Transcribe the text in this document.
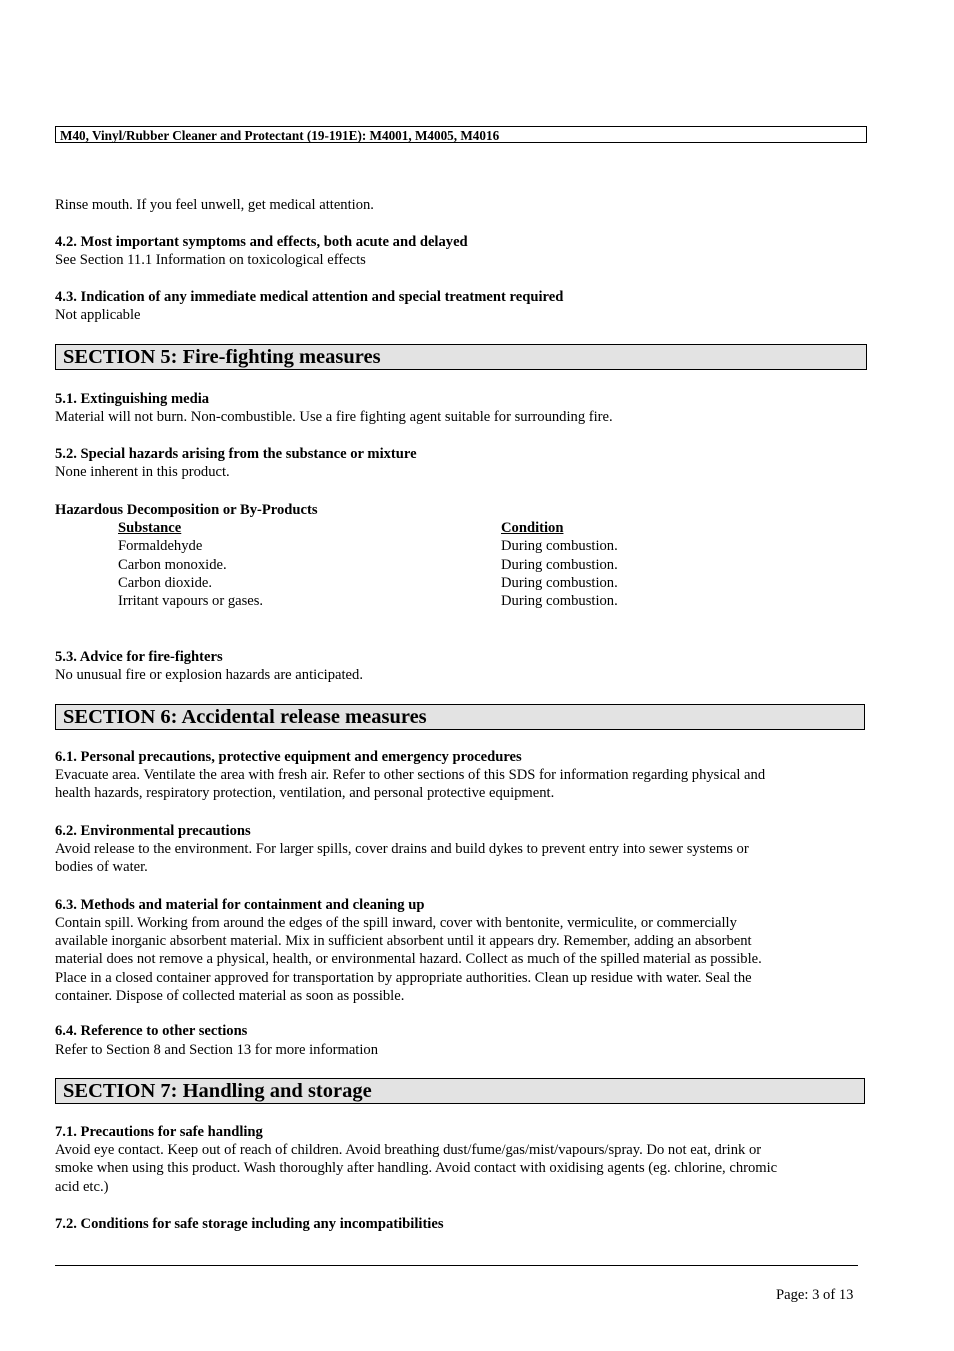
M40, Vinyl/Rubber Cleaner and Protectant (19-191E): M4001, M4005, M4016
Rinse mouth. If you feel unwell, get medical attention.
4.2. Most important symptoms and effects, both acute and delayed
See Section 11.1 Information on toxicological effects
4.3. Indication of any immediate medical attention and special treatment required
Not applicable
SECTION 5: Fire-fighting measures
5.1. Extinguishing media
Material will not burn. Non-combustible. Use a fire fighting agent suitable for surrounding fire.
5.2. Special hazards arising from the substance or mixture
None inherent in this product.
Hazardous Decomposition or By-Products
Substance	Condition
Formaldehyde	During combustion.
Carbon monoxide.	During combustion.
Carbon dioxide.	During combustion.
Irritant vapours or gases.	During combustion.
5.3. Advice for fire-fighters
No unusual fire or explosion hazards are anticipated.
SECTION 6: Accidental release measures
6.1. Personal precautions, protective equipment and emergency procedures
Evacuate area. Ventilate the area with fresh air. Refer to other sections of this SDS for information regarding physical and
health hazards, respiratory protection, ventilation, and personal protective equipment.
6.2. Environmental precautions
Avoid release to the environment. For larger spills, cover drains and build dykes to prevent entry into sewer systems or
bodies of water.
6.3. Methods and material for containment and cleaning up
Contain spill. Working from around the edges of the spill inward, cover with bentonite, vermiculite, or commercially
available inorganic absorbent material. Mix in sufficient absorbent until it appears dry. Remember, adding an absorbent
material does not remove a physical, health, or environmental hazard. Collect as much of the spilled material as possible.
Place in a closed container approved for transportation by appropriate authorities. Clean up residue with water. Seal the
container. Dispose of collected material as soon as possible.
6.4. Reference to other sections
Refer to Section 8 and Section 13 for more information
SECTION 7: Handling and storage
7.1. Precautions for safe handling
Avoid eye contact. Keep out of reach of children. Avoid breathing dust/fume/gas/mist/vapours/spray. Do not eat, drink or
smoke when using this product. Wash thoroughly after handling. Avoid contact with oxidising agents (eg. chlorine, chromic
acid etc.)
7.2. Conditions for safe storage including any incompatibilities
Page: 3 of 13
